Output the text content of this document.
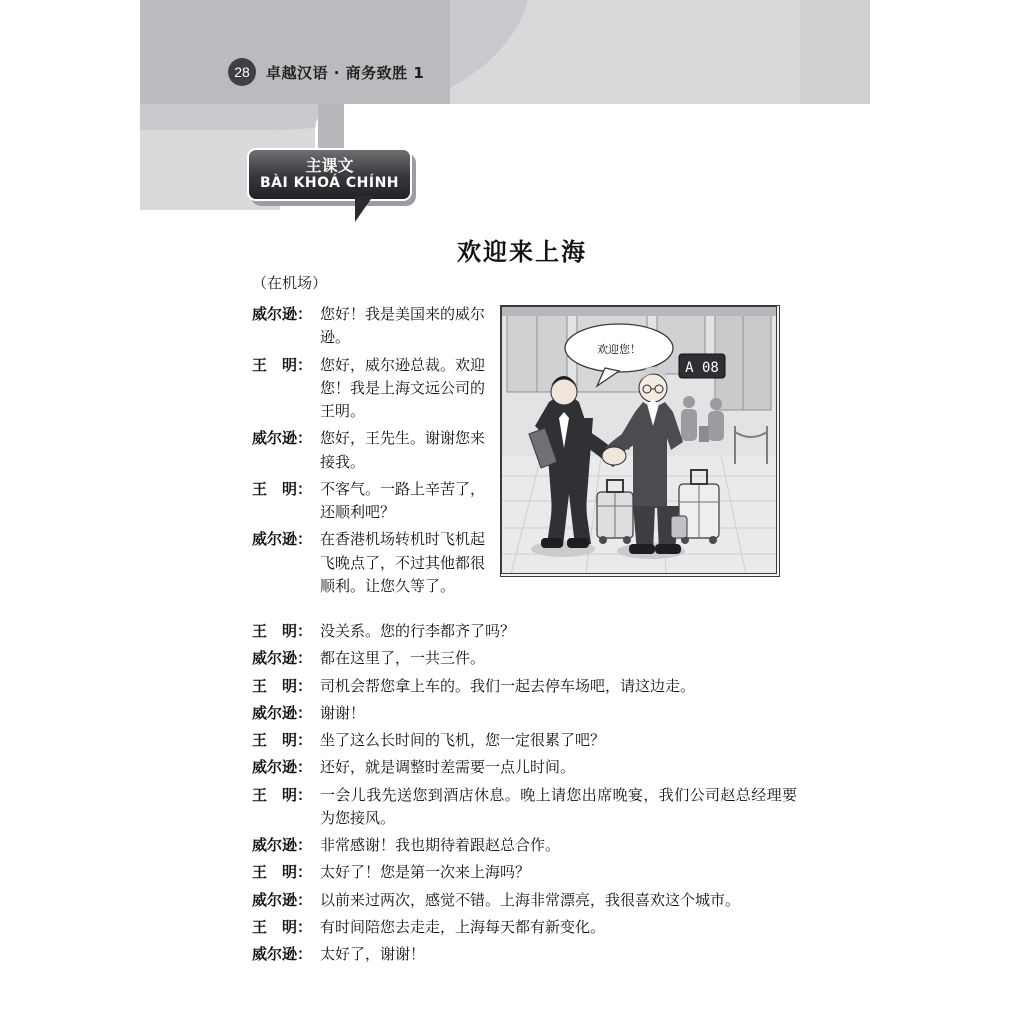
28	卓越汉语 · 商务致胜 1
主课文
BÀI KHOÁ CHÍNH
欢迎来上海
（在机场）
A 08
欢迎您！
威尔逊： 您好！我是美国来的威尔逊。
王　明： 您好，威尔逊总裁。欢迎您！我是上海文远公司的王明。
威尔逊： 您好，王先生。谢谢您来接我。
王　明： 不客气。一路上辛苦了，还顺利吧？
威尔逊： 在香港机场转机时飞机起飞晚点了，不过其他都很顺利。让您久等了。
王　明： 没关系。您的行李都齐了吗？
威尔逊： 都在这里了，一共三件。
王　明： 司机会帮您拿上车的。我们一起去停车场吧，请这边走。
威尔逊： 谢谢！
王　明： 坐了这么长时间的飞机，您一定很累了吧？
威尔逊： 还好，就是调整时差需要一点儿时间。
王　明： 一会儿我先送您到酒店休息。晚上请您出席晚宴，我们公司赵总经理要为您接风。
威尔逊： 非常感谢！我也期待着跟赵总合作。
王　明： 太好了！您是第一次来上海吗？
威尔逊： 以前来过两次，感觉不错。上海非常漂亮，我很喜欢这个城市。
王　明： 有时间陪您去走走，上海每天都有新变化。
威尔逊： 太好了，谢谢！
